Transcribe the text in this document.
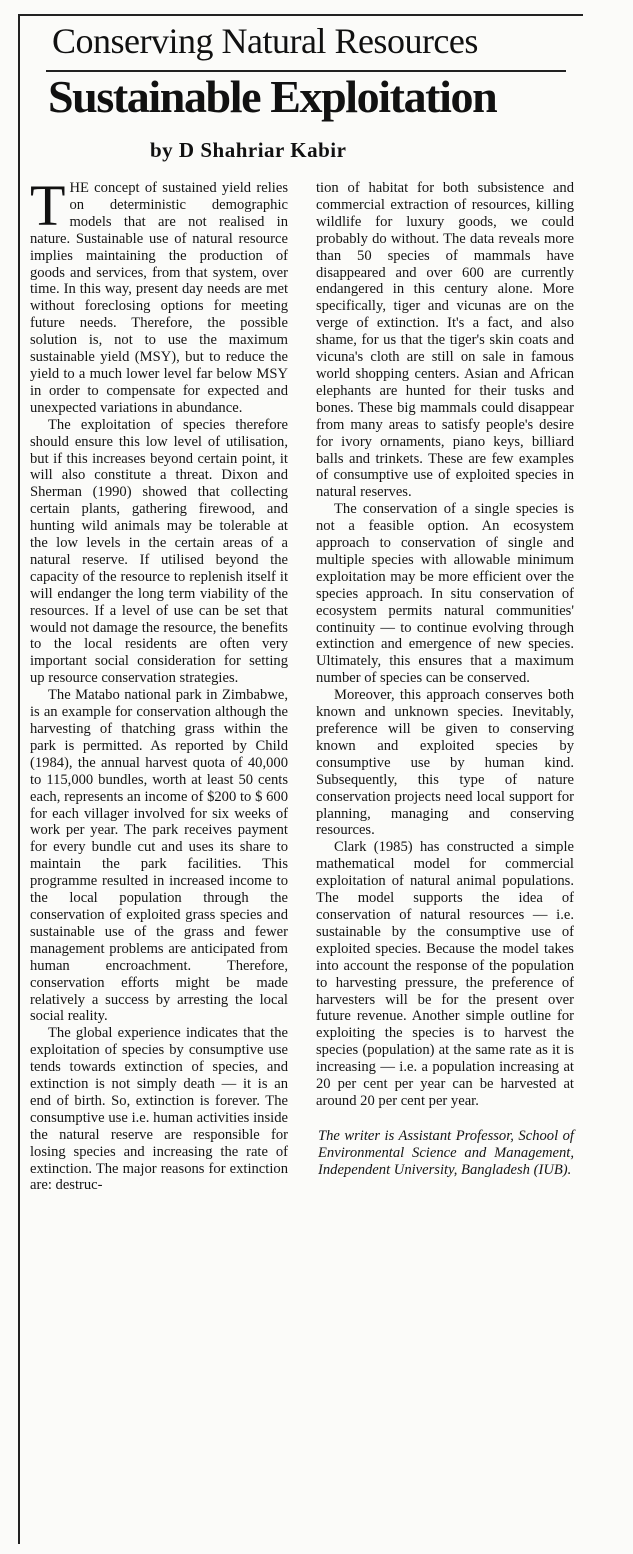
Conserving Natural Resources
Sustainable Exploitation
by D Shahriar Kabir

THE concept of sustained yield relies on deterministic demographic models that are not realised in nature. Sustainable use of natural resource implies maintaining the production of goods and services, from that system, over time. In this way, present day needs are met without foreclosing options for meeting future needs. Therefore, the possible solution is, not to use the maximum sustainable yield (MSY), but to reduce the yield to a much lower level far below MSY in order to compensate for expected and unexpected variations in abundance.

The exploitation of species therefore should ensure this low level of utilisation, but if this increases beyond certain point, it will also constitute a threat. Dixon and Sherman (1990) showed that collecting certain plants, gathering firewood, and hunting wild animals may be tolerable at the low levels in the certain areas of a natural reserve. If utilised beyond the capacity of the resource to replenish itself it will endanger the long term viability of the resources. If a level of use can be set that would not damage the resource, the benefits to the local residents are often very important social consideration for setting up resource conservation strategies.

The Matabo national park in Zimbabwe, is an example for conservation although the harvesting of thatching grass within the park is permitted. As reported by Child (1984), the annual harvest quota of 40,000 to 115,000 bundles, worth at least 50 cents each, represents an income of $200 to $ 600 for each villager involved for six weeks of work per year. The park receives payment for every bundle cut and uses its share to maintain the park facilities. This programme resulted in increased income to the local population through the conservation of exploited grass species and sustainable use of the grass and fewer management problems are anticipated from human encroachment. Therefore, conservation efforts might be made relatively a success by arresting the local social reality.

The global experience indicates that the exploitation of species by consumptive use tends towards extinction of species, and extinction is not simply death — it is an end of birth. So, extinction is forever. The consumptive use i.e. human activities inside the natural reserve are responsible for losing species and increasing the rate of extinction. The major reasons for extinction are: destruc-

tion of habitat for both subsistence and commercial extraction of resources, killing wildlife for luxury goods, we could probably do without. The data reveals more than 50 species of mammals have disappeared and over 600 are currently endangered in this century alone. More specifically, tiger and vicunas are on the verge of extinction. It's a fact, and also shame, for us that the tiger's skin coats and vicuna's cloth are still on sale in famous world shopping centers. Asian and African elephants are hunted for their tusks and bones. These big mammals could disappear from many areas to satisfy people's desire for ivory ornaments, piano keys, billiard balls and trinkets. These are few examples of consumptive use of exploited species in natural reserves.

The conservation of a single species is not a feasible option. An ecosystem approach to conservation of single and multiple species with allowable minimum exploitation may be more efficient over the species approach. In situ conservation of ecosystem permits natural communities' continuity — to continue evolving through extinction and emergence of new species. Ultimately, this ensures that a maximum number of species can be conserved.

Moreover, this approach conserves both known and unknown species. Inevitably, preference will be given to conserving known and exploited species by consumptive use by human kind. Subsequently, this type of nature conservation projects need local support for planning, managing and conserving resources.

Clark (1985) has constructed a simple mathematical model for commercial exploitation of natural animal populations. The model supports the idea of conservation of natural resources — i.e. sustainable by the consumptive use of exploited species. Because the model takes into account the response of the population to harvesting pressure, the preference of harvesters will be for the present over future revenue. Another simple outline for exploiting the species is to harvest the species (population) at the same rate as it is increasing — i.e. a population increasing at 20 per cent per year can be harvested at around 20 per cent per year.

The writer is Assistant Professor, School of Environmental Science and Management, Independent University, Bangladesh (IUB).
